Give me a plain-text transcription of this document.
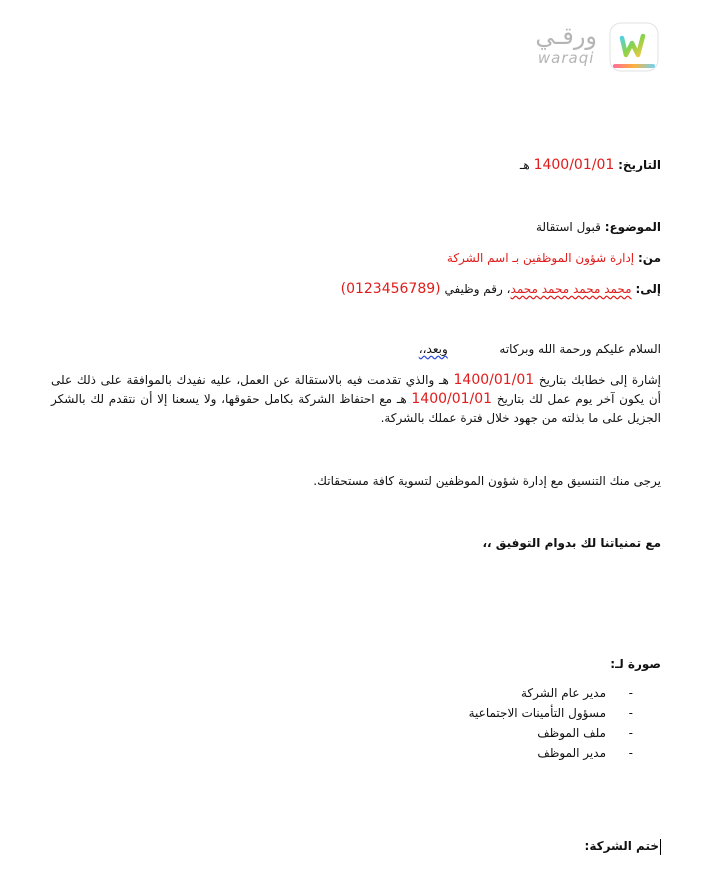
ورقـي
waraqi
التاريخ: 1400/01/01 هـ
الموضوع: قبول استقالة
من: إدارة شؤون الموظفين بـ اسم الشركة
إلى: محمد محمد محمد محمد، رقم وظيفي (0123456789)
السلام عليكم ورحمة الله وبركاته  وبعد،،
إشارة إلى خطابك بتاريخ 1400/01/01 هـ والذي تقدمت فيه بالاستقالة عن العمل، عليه نفيدك بالموافقة على ذلك على أن يكون آخر يوم عمل لك بتاريخ 1400/01/01 هـ مع احتفاظ الشركة بكامل حقوقها، ولا يسعنا إلا أن نتقدم لك بالشكر الجزيل على ما بذلته من جهود خلال فترة عملك بالشركة.
يرجى منك التنسيق مع إدارة شؤون الموظفين لتسوية كافة مستحقاتك.
مع تمنياتنا لك بدوام التوفيق ،،
صورة لـ:
-
مدير عام الشركة
-
مسؤول التأمينات الاجتماعية
-
ملف الموظف
-
مدير الموظف
ختم الشركة:
